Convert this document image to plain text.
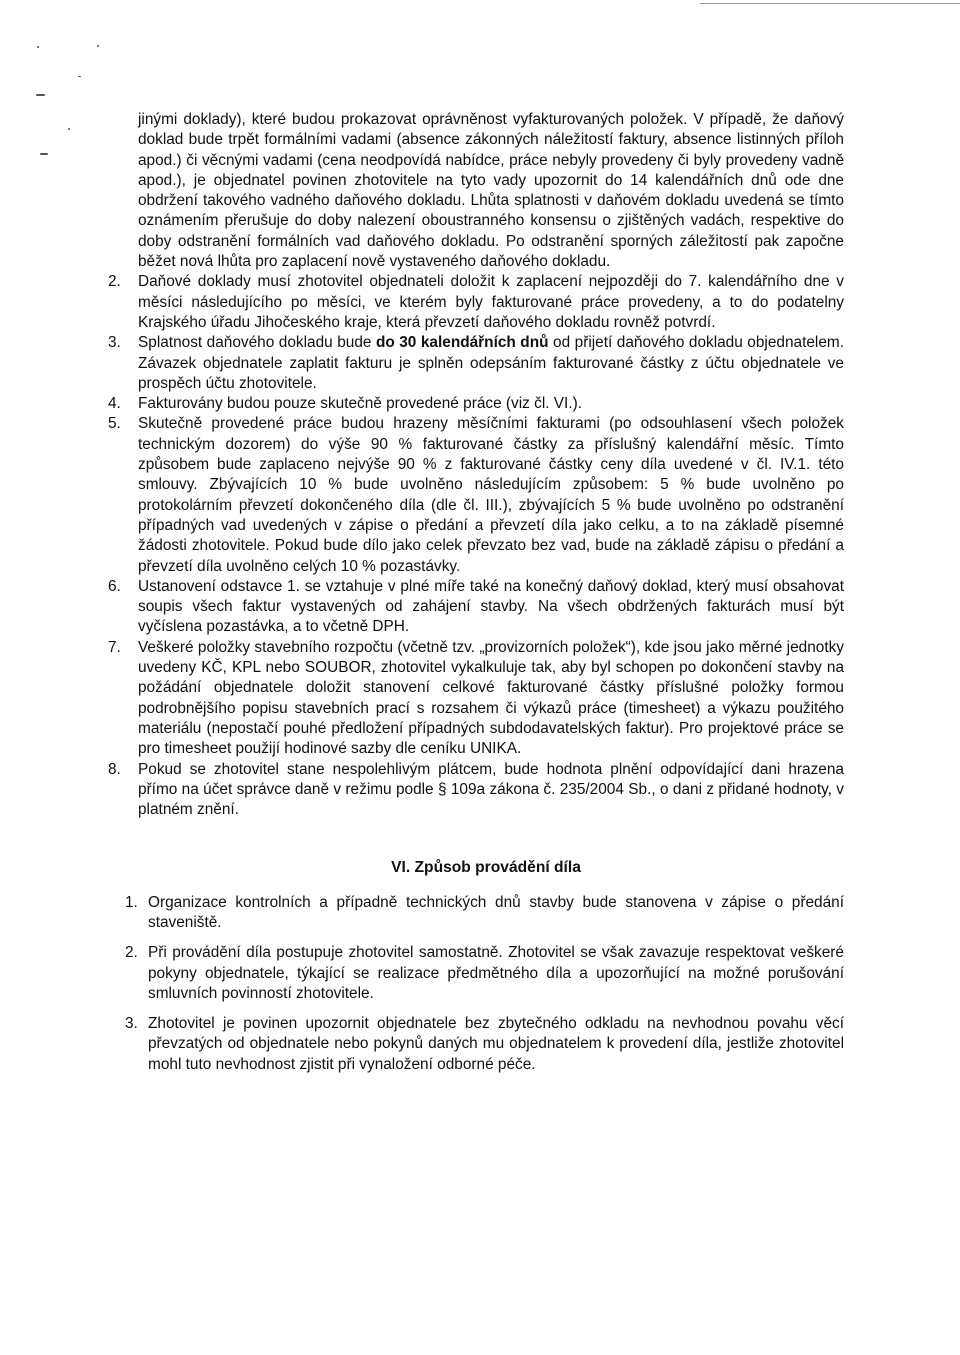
jinými doklady), které budou prokazovat oprávněnost vyfakturovaných položek. V případě, že daňový doklad bude trpět formálními vadami (absence zákonných náležitostí faktury, absence listinných příloh apod.) či věcnými vadami (cena neodpovídá nabídce, práce nebyly provedeny či byly provedeny vadně apod.), je objednatel povinen zhotovitele na tyto vady upozornit do 14 kalendářních dnů ode dne obdržení takového vadného daňového dokladu. Lhůta splatnosti v daňovém dokladu uvedená se tímto oznámením přerušuje do doby nalezení oboustranného konsensu o zjištěných vadách, respektive do doby odstranění formálních vad daňového dokladu. Po odstranění sporných záležitostí pak započne běžet nová lhůta pro zaplacení nově vystaveného daňového dokladu.

2.	Daňové doklady musí zhotovitel objednateli doložit k zaplacení nejpozději do 7. kalendářního dne v měsíci následujícího po měsíci, ve kterém byly fakturované práce provedeny, a to do podatelny Krajského úřadu Jihočeského kraje, která převzetí daňového dokladu rovněž potvrdí.
3.	Splatnost daňového dokladu bude do 30 kalendářních dnů od přijetí daňového dokladu objednatelem. Závazek objednatele zaplatit fakturu je splněn odepsáním fakturované částky z účtu objednatele ve prospěch účtu zhotovitele.
4.	Fakturovány budou pouze skutečně provedené práce (viz čl. VI.).
5.	Skutečně provedené práce budou hrazeny měsíčními fakturami (po odsouhlasení všech položek technickým dozorem) do výše 90 % fakturované částky za příslušný kalendářní měsíc. Tímto způsobem bude zaplaceno nejvýše 90 % z fakturované částky ceny díla uvedené v čl. IV.1. této smlouvy. Zbývajících 10 % bude uvolněno následujícím způsobem: 5 % bude uvolněno po protokolárním převzetí dokončeného díla (dle čl. III.), zbývajících 5 % bude uvolněno po odstranění případných vad uvedených v zápise o předání a převzetí díla jako celku, a to na základě písemné žádosti zhotovitele. Pokud bude dílo jako celek převzato bez vad, bude na základě zápisu o předání a převzetí díla uvolněno celých 10 % pozastávky.
6.	Ustanovení odstavce 1. se vztahuje v plné míře také na konečný daňový doklad, který musí obsahovat soupis všech faktur vystavených od zahájení stavby. Na všech obdržených fakturách musí být vyčíslena pozastávka, a to včetně DPH.
7.	Veškeré položky stavebního rozpočtu (včetně tzv. „provizorních položek“), kde jsou jako měrné jednotky uvedeny KČ, KPL nebo SOUBOR, zhotovitel vykalkuluje tak, aby byl schopen po dokončení stavby na požádání objednatele doložit stanovení celkové fakturované částky příslušné položky formou podrobnějšího popisu stavebních prací s rozsahem či výkazů práce (timesheet) a výkazu použitého materiálu (nepostačí pouhé předložení případných subdodavatelských faktur). Pro projektové práce se pro timesheet použijí hodinové sazby dle ceníku UNIKA.
8.	Pokud se zhotovitel stane nespolehlivým plátcem, bude hodnota plnění odpovídající dani hrazena přímo na účet správce daně v režimu podle § 109a zákona č. 235/2004 Sb., o dani z přidané hodnoty, v platném znění.
VI. Způsob provádění díla
1. Organizace kontrolních a případně technických dnů stavby bude stanovena v zápise o předání staveniště.
2. Při provádění díla postupuje zhotovitel samostatně. Zhotovitel se však zavazuje respektovat veškeré pokyny objednatele, týkající se realizace předmětného díla a upozorňující na možné porušování smluvních povinností zhotovitele.
3. Zhotovitel je povinen upozornit objednatele bez zbytečného odkladu na nevhodnou povahu věcí převzatých od objednatele nebo pokynů daných mu objednatelem k provedení díla, jestliže zhotovitel mohl tuto nevhodnost zjistit při vynaložení odborné péče.
